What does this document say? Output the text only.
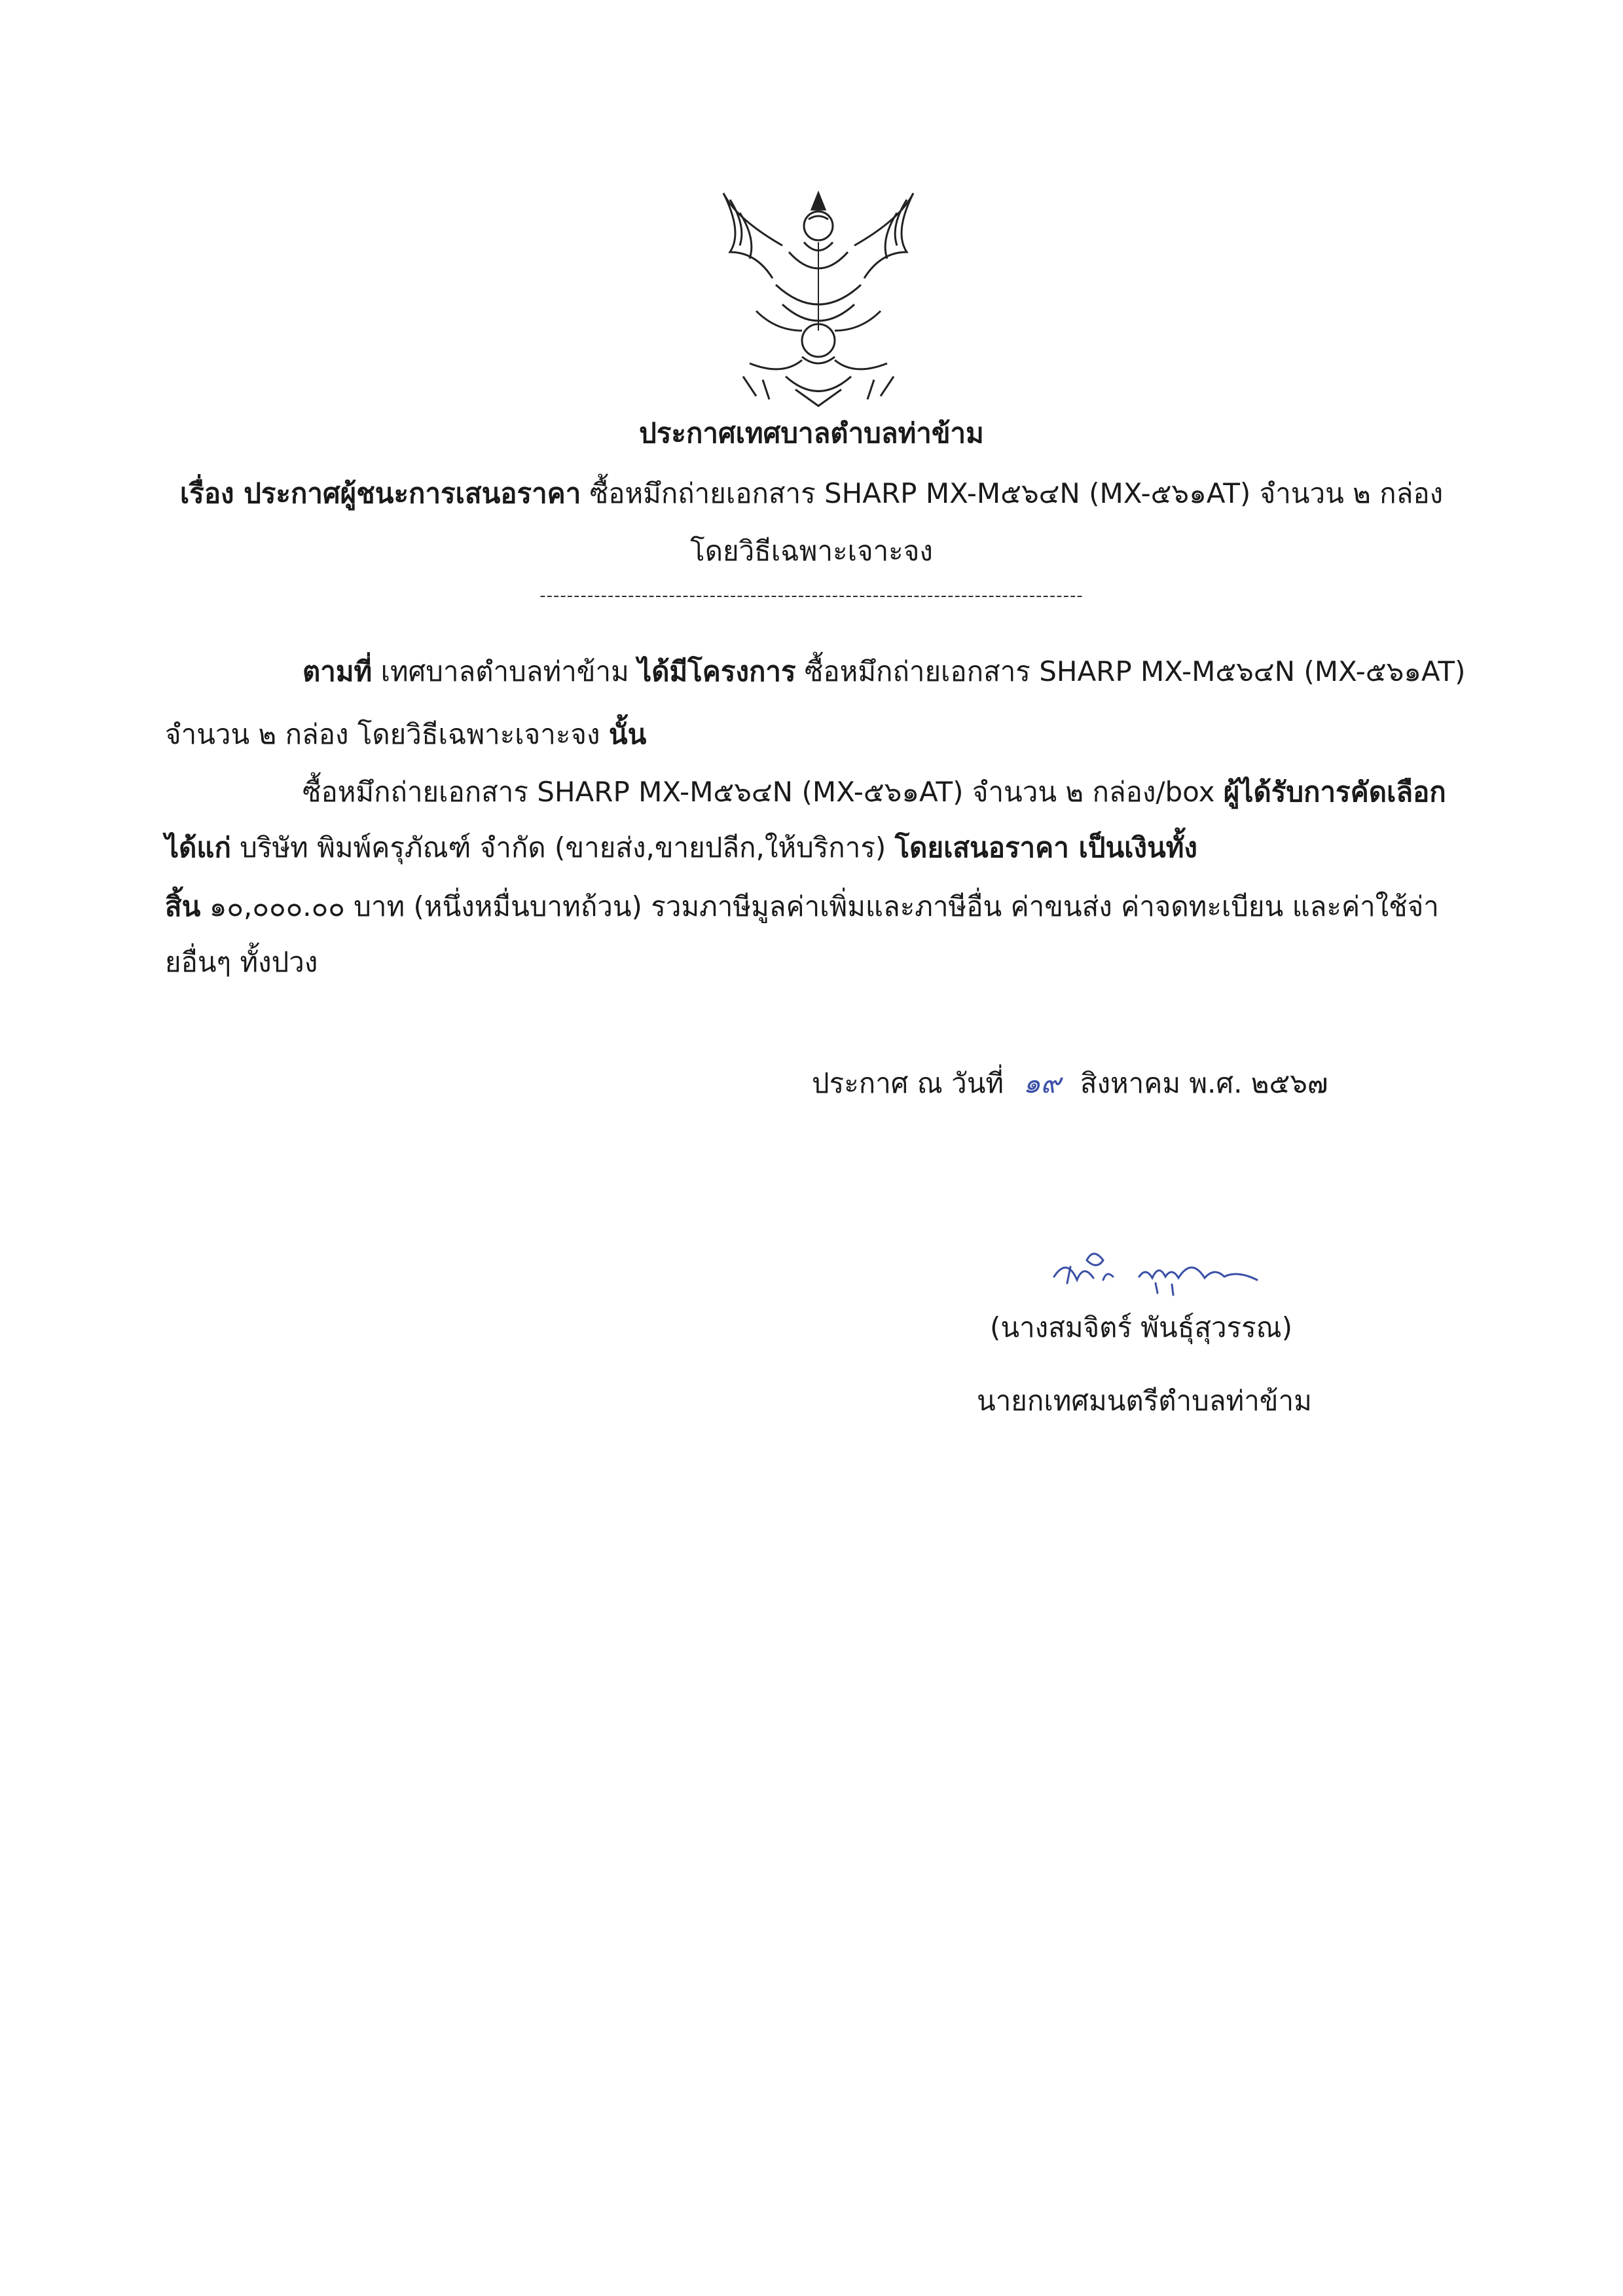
ประกาศเทศบาลตำบลท่าข้าม
เรื่อง ประกาศผู้ชนะการเสนอราคา ซื้อหมึกถ่ายเอกสาร SHARP MX-M๕๖๔N (MX-๕๖๑AT) จำนวน ๒ กล่อง
โดยวิธีเฉพาะเจาะจง
--------------------------------------------------------------------------------
ตามที่ เทศบาลตำบลท่าข้าม ได้มีโครงการ ซื้อหมึกถ่ายเอกสาร SHARP MX-M๕๖๔N (MX-๕๖๑AT)
จำนวน ๒ กล่อง โดยวิธีเฉพาะเจาะจง นั้น
ซื้อหมึกถ่ายเอกสาร SHARP MX-M๕๖๔N (MX-๕๖๑AT) จำนวน ๒ กล่อง/box ผู้ได้รับการคัดเลือก
ได้แก่ บริษัท พิมพ์ครุภัณฑ์ จำกัด (ขายส่ง,ขายปลีก,ให้บริการ) โดยเสนอราคา เป็นเงินทั้ง
สิ้น ๑๐,๐๐๐.๐๐ บาท (หนึ่งหมื่นบาทถ้วน) รวมภาษีมูลค่าเพิ่มและภาษีอื่น ค่าขนส่ง ค่าจดทะเบียน และค่าใช้จ่า
ยอื่นๆ ทั้งปวง
ประกาศ ณ วันที่ ๑๙ สิงหาคม พ.ศ. ๒๕๖๗
(นางสมจิตร์ พันธุ์สุวรรณ)
นายกเทศมนตรีตำบลท่าข้าม
